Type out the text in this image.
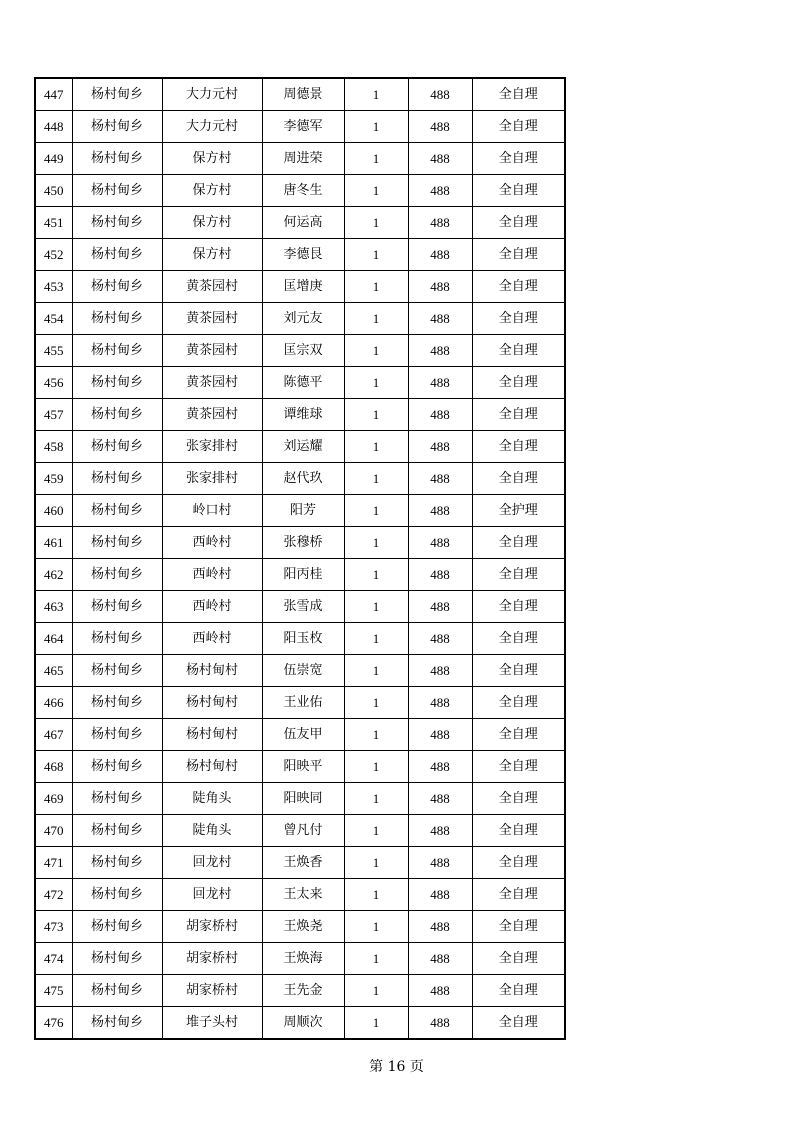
447	杨村甸乡	大力元村	周德景	1	488	全自理
448	杨村甸乡	大力元村	李德军	1	488	全自理
449	杨村甸乡	保方村	周进荣	1	488	全自理
450	杨村甸乡	保方村	唐冬生	1	488	全自理
451	杨村甸乡	保方村	何运高	1	488	全自理
452	杨村甸乡	保方村	李德艮	1	488	全自理
453	杨村甸乡	黄茶园村	匡增庚	1	488	全自理
454	杨村甸乡	黄茶园村	刘元友	1	488	全自理
455	杨村甸乡	黄茶园村	匡宗双	1	488	全自理
456	杨村甸乡	黄茶园村	陈德平	1	488	全自理
457	杨村甸乡	黄茶园村	谭维球	1	488	全自理
458	杨村甸乡	张家排村	刘运耀	1	488	全自理
459	杨村甸乡	张家排村	赵代玖	1	488	全自理
460	杨村甸乡	岭口村	阳芳	1	488	全护理
461	杨村甸乡	西岭村	张穆桥	1	488	全自理
462	杨村甸乡	西岭村	阳丙桂	1	488	全自理
463	杨村甸乡	西岭村	张雪成	1	488	全自理
464	杨村甸乡	西岭村	阳玉枚	1	488	全自理
465	杨村甸乡	杨村甸村	伍崇宽	1	488	全自理
466	杨村甸乡	杨村甸村	王业佑	1	488	全自理
467	杨村甸乡	杨村甸村	伍友甲	1	488	全自理
468	杨村甸乡	杨村甸村	阳映平	1	488	全自理
469	杨村甸乡	陡角头	阳映同	1	488	全自理
470	杨村甸乡	陡角头	曾凡付	1	488	全自理
471	杨村甸乡	回龙村	王焕香	1	488	全自理
472	杨村甸乡	回龙村	王太来	1	488	全自理
473	杨村甸乡	胡家桥村	王焕尧	1	488	全自理
474	杨村甸乡	胡家桥村	王焕海	1	488	全自理
475	杨村甸乡	胡家桥村	王先金	1	488	全自理
476	杨村甸乡	堆子头村	周顺次	1	488	全自理
第 16 页
